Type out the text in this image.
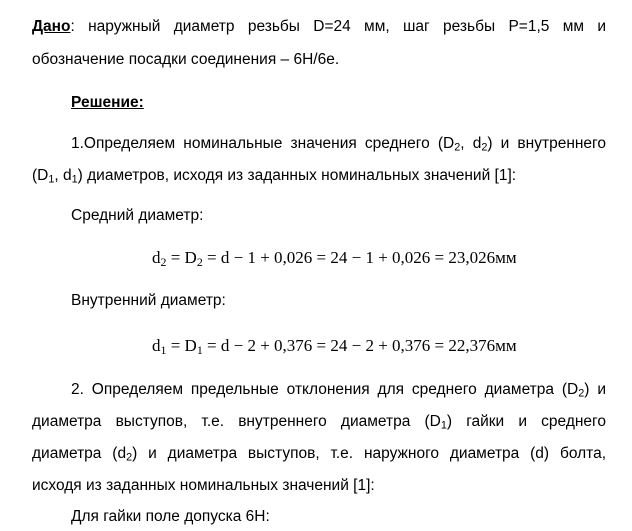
Дано: наружный диаметр резьбы D=24 мм, шаг резьбы Р=1,5 мм и
обозначение посадки соединения – 6Н/6е.
Решение:
1.Определяем номинальные значения среднего ($D_2$, $d_2$) и внутреннего
($D_1$, $d_1$) диаметров, исходя из заданных номинальных значений [1]:
Средний диаметр:
$d_2 = D_2 = d - 1 + 0,026 = 24 - 1 + 0,026 = 23,026мм$
Внутренний диаметр:
$d_1 = D_1 = d - 2 + 0,376 = 24 - 2 + 0,376 = 22,376мм$
2. Определяем предельные отклонения для среднего диаметра $(D_2)$ и
диаметра выступов, т.е. внутреннего диаметра $(D_1)$ гайки и среднего
диаметра $(d_2)$ и диаметра выступов, т.е. наружного диаметра (d) болта,
исходя из заданных номинальных значений [1]:
Для гайки поле допуска 6Н:
